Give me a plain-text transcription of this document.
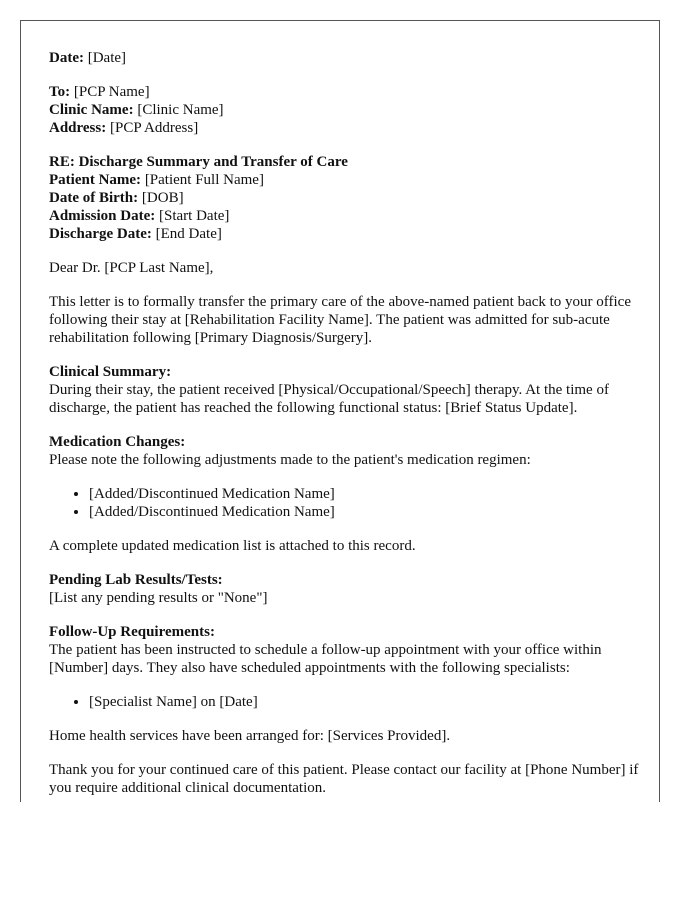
Date: [Date]
To: [PCP Name]
Clinic Name: [Clinic Name]
Address: [PCP Address]
RE: Discharge Summary and Transfer of Care
Patient Name: [Patient Full Name]
Date of Birth: [DOB]
Admission Date: [Start Date]
Discharge Date: [End Date]

Dear Dr. [PCP Last Name],

This letter is to formally transfer the primary care of the above-named patient back to your office following their stay at [Rehabilitation Facility Name]. The patient was admitted for sub-acute rehabilitation following [Primary Diagnosis/Surgery].

Clinical Summary:
During their stay, the patient received [Physical/Occupational/Speech] therapy. At the time of discharge, the patient has reached the following functional status: [Brief Status Update].
Medication Changes:
Please note the following adjustments made to the patient's medication regimen:
• [Added/Discontinued Medication Name]
• [Added/Discontinued Medication Name]

A complete updated medication list is attached to this record.

Pending Lab Results/Tests:
[List any pending results or "None"]
Follow-Up Requirements:
The patient has been instructed to schedule a follow-up appointment with your office within [Number] days. They also have scheduled appointments with the following specialists:
• [Specialist Name] on [Date]

Home health services have been arranged for: [Services Provided].

Thank you for your continued care of this patient. Please contact our facility at [Phone Number] if you require additional clinical documentation.
